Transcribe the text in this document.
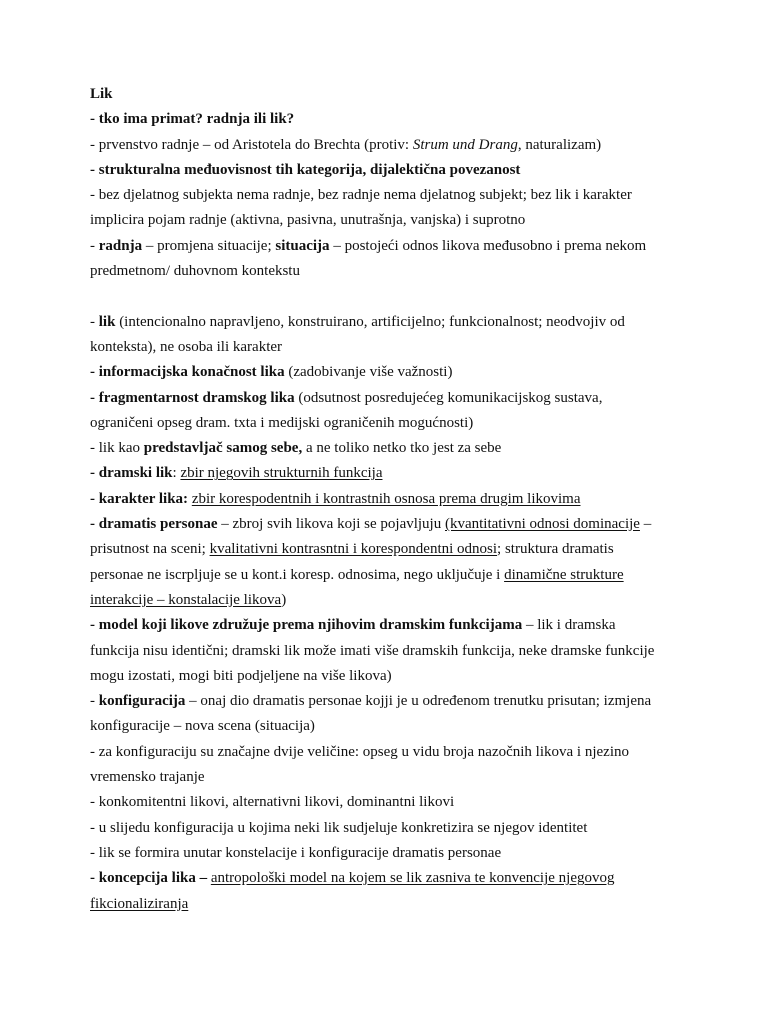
Lik
- tko ima primat? radnja ili lik?
- prvenstvo radnje – od Aristotela do Brechta (protiv: Strum und Drang, naturalizam)
- strukturalna međuovisnost tih kategorija, dijalektična povezanost
- bez djelatnog subjekta nema radnje, bez radnje nema djelatnog subjekt; bez lik i karakter
implicira pojam radnje (aktivna, pasivna, unutrašnja, vanjska) i suprotno
- radnja – promjena situacije; situacija – postojeći odnos likova međusobno i prema nekom
predmetnom/ duhovnom kontekstu
- lik (intencionalno napravljeno, konstruirano, artificijelno; funkcionalnost; neodvojiv od
konteksta), ne osoba ili karakter
- informacijska konačnost lika (zadobivanje više važnosti)
- fragmentarnost dramskog lika (odsutnost posredujećeg komunikacijskog sustava,
ograničeni opseg dram. txta i medijski ograničenih mogućnosti)
- lik kao predstavljač samog sebe, a ne toliko netko tko jest za sebe
- dramski lik: zbir njegovih strukturnih funkcija
- karakter lika: zbir korespodentnih i kontrastnih osnosa prema drugim likovima
- dramatis personae – zbroj svih likova koji se pojavljuju (kvantitativni odnosi dominacije –
prisutnost na sceni; kvalitativni kontrasntni i korespondentni odnosi; struktura dramatis
personae ne iscrpljuje se u kont.i koresp. odnosima, nego uključuje i dinamične strukture
interakcije – konstalacije likova)
- model koji likove združuje prema njihovim dramskim funkcijama – lik i dramska
funkcija nisu identični; dramski lik može imati više dramskih funkcija, neke dramske funkcije
mogu izostati, mogi biti podjeljene na više likova)
- konfiguracija – onaj dio dramatis personae kojji je u određenom trenutku prisutan; izmjena
konfiguracije – nova scena (situacija)
- za konfiguraciju su značajne dvije veličine: opseg u vidu broja nazočnih likova i njezino
vremensko trajanje
- konkomitentni likovi, alternativni likovi, dominantni likovi
- u slijedu konfiguracija u kojima neki lik sudjeluje konkretizira se njegov identitet
- lik se formira unutar konstelacije i konfiguracije dramatis personae
- koncepcija lika – antropološki model na kojem se lik zasniva te konvencije njegovog
fikcionaliziranja
